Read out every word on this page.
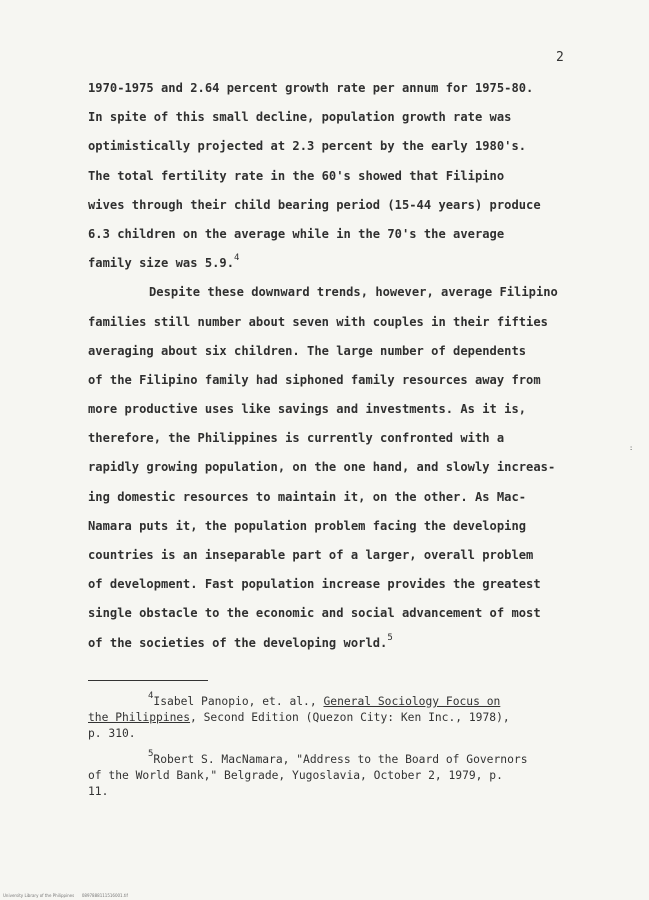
2
1970-1975 and 2.64 percent growth rate per annum for 1975-80.
In spite of this small decline, population growth rate was
optimistically projected at 2.3 percent by the early 1980's.
The total fertility rate in the 60's showed that Filipino
wives through their child bearing period (15-44 years) produce
6.3 children on the average while in the 70's the average
family size was 5.9.$^4$
Despite these downward trends, however, average Filipino
families still number about seven with couples in their fifties
averaging about six children. The large number of dependents
of the Filipino family had siphoned family resources away from
more productive uses like savings and investments. As it is,
therefore, the Philippines is currently confronted with a
rapidly growing population, on the one hand, and slowly increas-
ing domestic resources to maintain it, on the other. As Mac-
Namara puts it, the population problem facing the developing
countries is an inseparable part of a larger, overall problem
of development. Fast population increase provides the greatest
single obstacle to the economic and social advancement of most
of the societies of the developing world.$^5$
$^4$Isabel Panopio, et. al., General Sociology Focus on
the Philippines, Second Edition (Quezon City: Ken Inc., 1978),
p. 310.
$^5$Robert S. MacNamara, "Address to the Board of Governors
of the World Bank," Belgrade, Yugoslavia, October 2, 1979, p.
11.
:
University Library of the Philippines 0897888111516001.tif
